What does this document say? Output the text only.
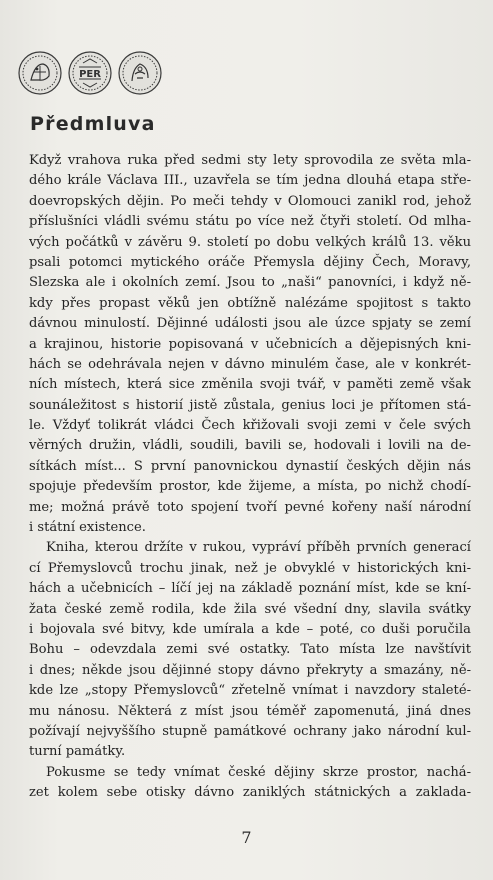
PER
Předmluva
Když vrahova ruka před sedmi sty lety sprovodila ze světa mla-
dého krále Václava III., uzavřela se tím jedna dlouhá etapa stře-
doevropských dějin. Po meči tehdy v Olomouci zanikl rod, jehož
příslušníci vládli svému státu po více než čtyři století. Od mlha-
vých počátků v závěru 9. století po dobu velkých králů 13. věku
psali potomci mytického oráče Přemysla dějiny Čech, Moravy,
Slezska ale i okolních zemí. Jsou to „naši“ panovníci, i když ně-
kdy přes propast věků jen obtížně nalézáme spojitost s takto
dávnou minulostí. Dějinné události jsou ale úzce spjaty se zemí
a krajinou, historie popisovaná v učebnicích a dějepisných kni-
hách se odehrávala nejen v dávno minulém čase, ale v konkrét-
ních místech, která sice změnila svoji tvář, v paměti země však
sounáležitost s historií jistě zůstala, genius loci je přítomen stá-
le. Vždyť tolikrát vládci Čech křižovali svoji zemi v čele svých
věrných družin, vládli, soudili, bavili se, hodovali i lovili na de-
sítkách míst... S první panovnickou dynastií českých dějin nás
spojuje především prostor, kde žijeme, a místa, po nichž chodí-
me; možná právě toto spojení tvoří pevné kořeny naší národní
i státní existence.
Kniha, kterou držíte v rukou, vypráví příběh prvních generací
cí Přemyslovců trochu jinak, než je obvyklé v historických kni-
hách a učebnicích – líčí jej na základě poznání míst, kde se kní-
žata české země rodila, kde žila své všední dny, slavila svátky
i bojovala své bitvy, kde umírala a kde – poté, co duši poručila
Bohu – odevzdala zemi své ostatky. Tato místa lze navštívit
i dnes; někde jsou dějinné stopy dávno překryty a smazány, ně-
kde lze „stopy Přemyslovců“ zřetelně vnímat i navzdory staleté-
mu nánosu. Některá z míst jsou téměř zapomenutá, jiná dnes
požívají nejvyššího stupně památkové ochrany jako národní kul-
turní památky.
Pokusme se tedy vnímat české dějiny skrze prostor, nachá-
zet kolem sebe otisky dávno zaniklých státnických a zaklada-
7
